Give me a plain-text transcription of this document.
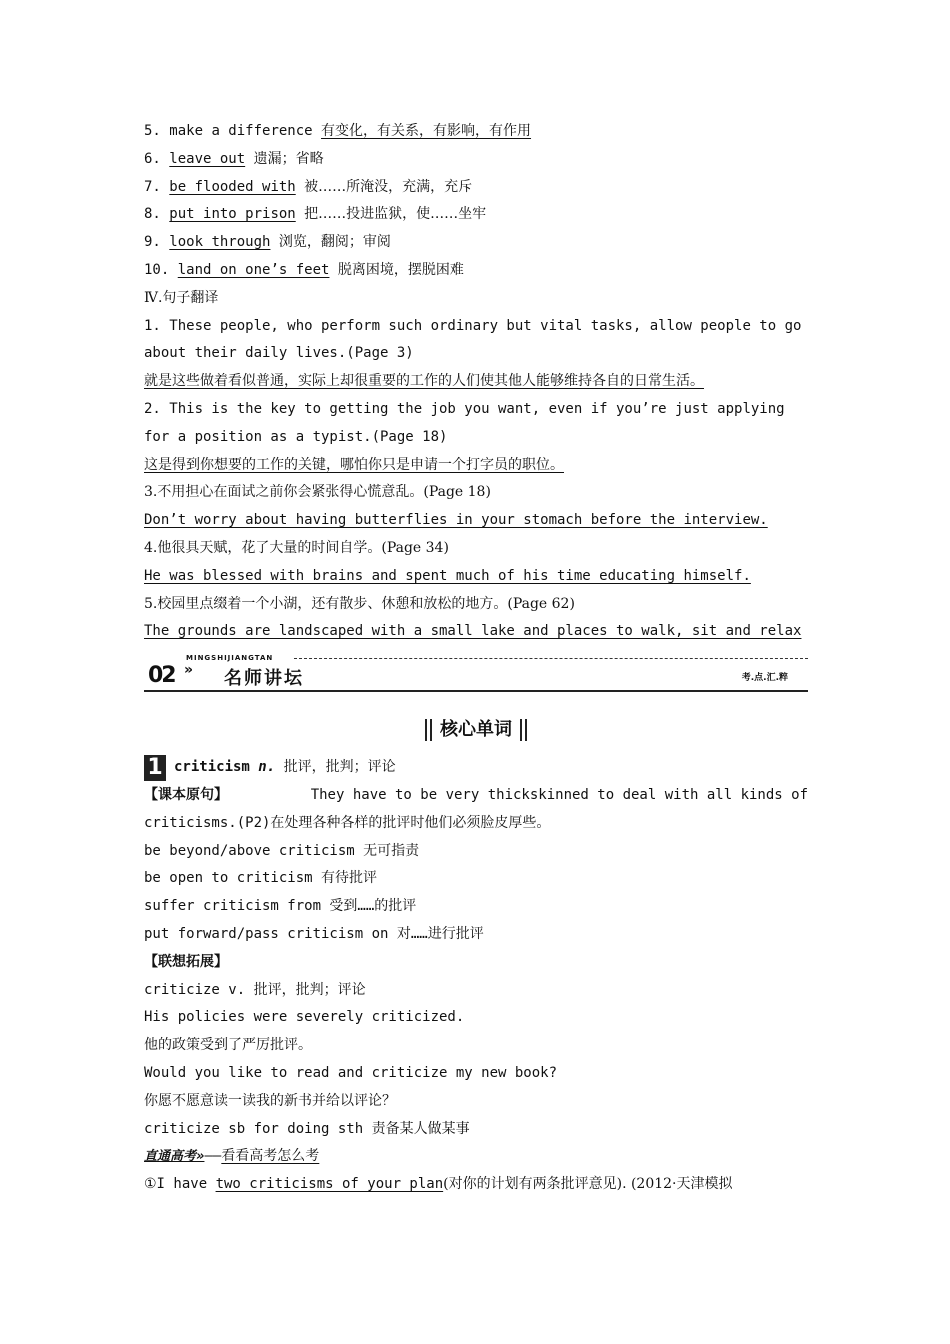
5. make a difference 有变化，有关系，有影响，有作用
6. leave out 遗漏；省略
7. be flooded with 被……所淹没，充满，充斥
8. put into prison 把……投进监狱，使……坐牢
9. look through 浏览，翻阅；审阅
10. land on one’s feet 脱离困境，摆脱困难
Ⅳ.句子翻译
1. These people, who perform such ordinary but vital tasks, allow people to go
about their daily lives.(Page 3)
就是这些做着看似普通，实际上却很重要的工作的人们使其他人能够维持各自的日常生活。
2. This is the key to getting the job you want, even if you’re just applying
for a position as a typist.(Page 18)
这是得到你想要的工作的关键，哪怕你只是申请一个打字员的职位。
3.不用担心在面试之前你会紧张得心慌意乱。(Page 18)
Don’t worry about having butterflies in your stomach before the interview.
4.他很具天赋，花了大量的时间自学。(Page 34)
He was blessed with brains and spent much of his time educating himself.
5.校园里点缀着一个小湖，还有散步、休憩和放松的地方。(Page 62)
The grounds are landscaped with a small lake and places to walk, sit and relax
MINGSHIJIANGTAN
02 » 名师讲坛	考.点.汇.粹
核心单词
1 criticism
n.
批评，批判；评论
【课本原句】	They have to be very thickskinned to deal with all kinds of
criticisms.(P2)在处理各种各样的批评时他们必须脸皮厚些。
be beyond/above criticism 无可指责
be open to criticism 有待批评
suffer criticism from 受到……的批评
put forward/pass criticism on 对……进行批评
【联想拓展】
criticize v. 批评，批判；评论
His policies were severely criticized.
他的政策受到了严厉批评。
Would you like to read and criticize my new book?
你愿不愿意读一读我的新书并给以评论？
criticize sb for doing sth 责备某人做某事
直通高考»——看看高考怎么考
①I have two criticisms of your plan(对你的计划有两条批评意见). (2012·天津模拟
